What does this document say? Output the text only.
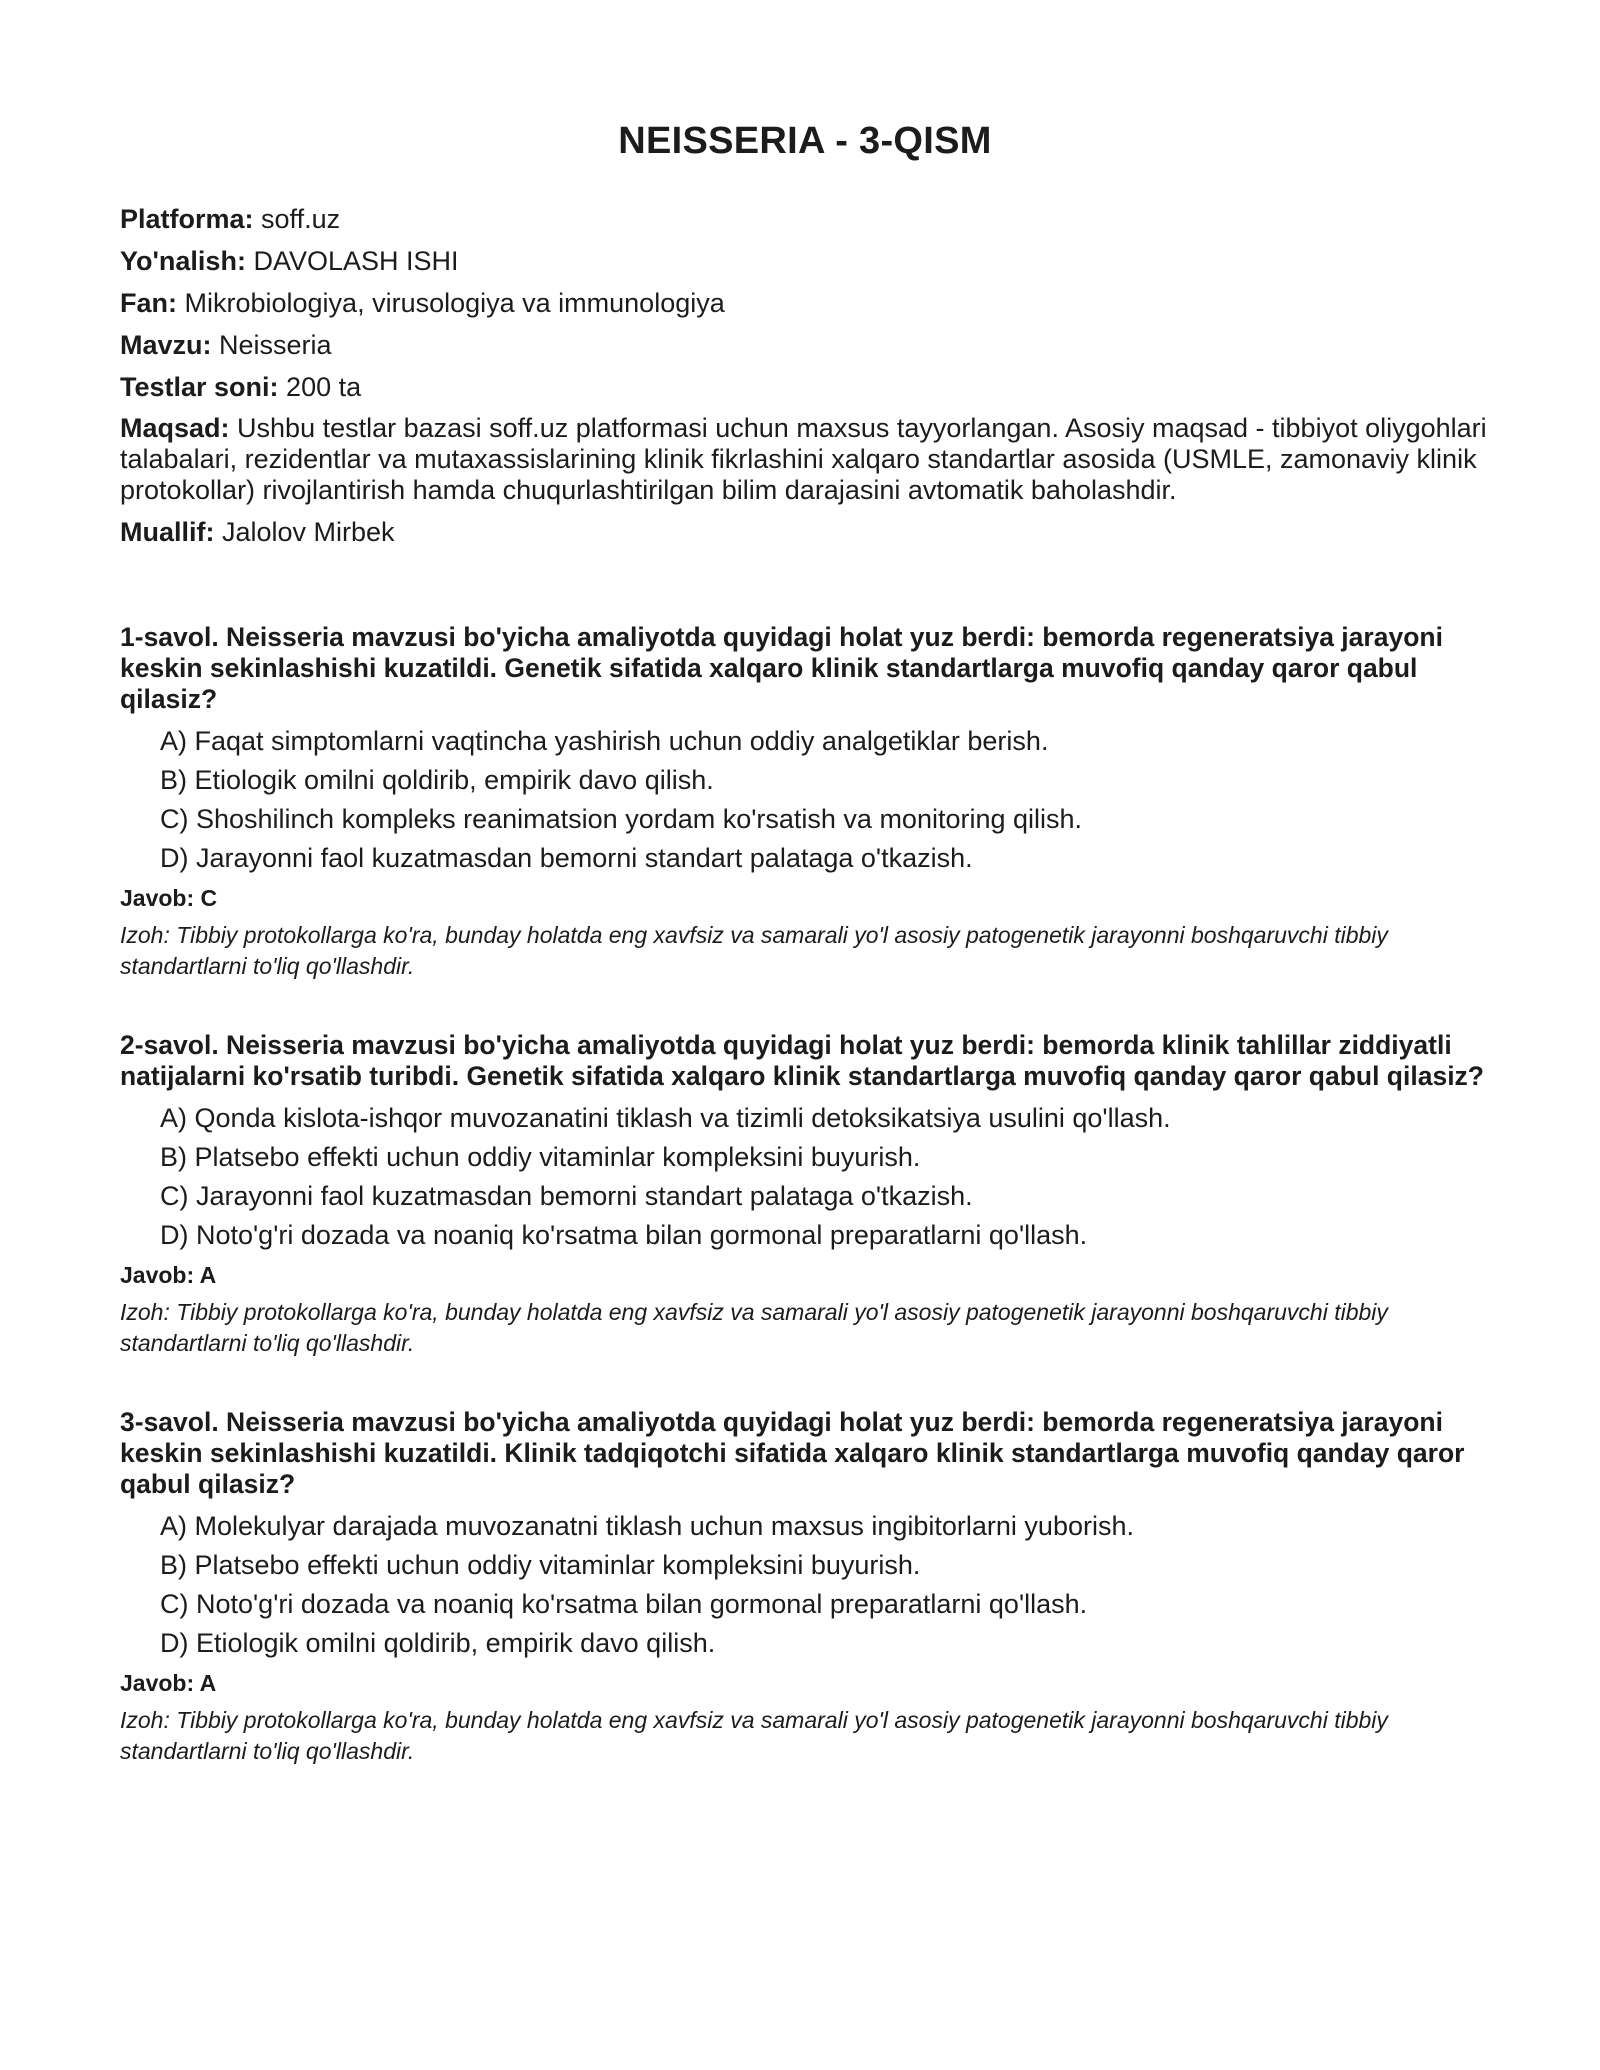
NEISSERIA - 3-QISM
Platforma: soff.uz
Yo'nalish: DAVOLASH ISHI
Fan: Mikrobiologiya, virusologiya va immunologiya
Mavzu: Neisseria
Testlar soni: 200 ta
Maqsad: Ushbu testlar bazasi soff.uz platformasi uchun maxsus tayyorlangan. Asosiy maqsad - tibbiyot oliygohlari talabalari, rezidentlar va mutaxassislarining klinik fikrlashini xalqaro standartlar asosida (USMLE, zamonaviy klinik protokollar) rivojlantirish hamda chuqurlashtirilgan bilim darajasini avtomatik baholashdir.
Muallif: Jalolov Mirbek
1-savol. Neisseria mavzusi bo'yicha amaliyotda quyidagi holat yuz berdi: bemorda regeneratsiya jarayoni keskin sekinlashishi kuzatildi. Genetik sifatida xalqaro klinik standartlarga muvofiq qanday qaror qabul qilasiz?
A) Faqat simptomlarni vaqtincha yashirish uchun oddiy analgetiklar berish.
B) Etiologik omilni qoldirib, empirik davo qilish.
C) Shoshilinch kompleks reanimatsion yordam ko'rsatish va monitoring qilish.
D) Jarayonni faol kuzatmasdan bemorni standart palataga o'tkazish.
Javob: C
Izoh: Tibbiy protokollarga ko'ra, bunday holatda eng xavfsiz va samarali yo'l asosiy patogenetik jarayonni boshqaruvchi tibbiy standartlarni to'liq qo'llashdir.
2-savol. Neisseria mavzusi bo'yicha amaliyotda quyidagi holat yuz berdi: bemorda klinik tahlillar ziddiyatli natijalarni ko'rsatib turibdi. Genetik sifatida xalqaro klinik standartlarga muvofiq qanday qaror qabul qilasiz?
A) Qonda kislota-ishqor muvozanatini tiklash va tizimli detoksikatsiya usulini qo'llash.
B) Platsebo effekti uchun oddiy vitaminlar kompleksini buyurish.
C) Jarayonni faol kuzatmasdan bemorni standart palataga o'tkazish.
D) Noto'g'ri dozada va noaniq ko'rsatma bilan gormonal preparatlarni qo'llash.
Javob: A
Izoh: Tibbiy protokollarga ko'ra, bunday holatda eng xavfsiz va samarali yo'l asosiy patogenetik jarayonni boshqaruvchi tibbiy standartlarni to'liq qo'llashdir.
3-savol. Neisseria mavzusi bo'yicha amaliyotda quyidagi holat yuz berdi: bemorda regeneratsiya jarayoni keskin sekinlashishi kuzatildi. Klinik tadqiqotchi sifatida xalqaro klinik standartlarga muvofiq qanday qaror qabul qilasiz?
A) Molekulyar darajada muvozanatni tiklash uchun maxsus ingibitorlarni yuborish.
B) Platsebo effekti uchun oddiy vitaminlar kompleksini buyurish.
C) Noto'g'ri dozada va noaniq ko'rsatma bilan gormonal preparatlarni qo'llash.
D) Etiologik omilni qoldirib, empirik davo qilish.
Javob: A
Izoh: Tibbiy protokollarga ko'ra, bunday holatda eng xavfsiz va samarali yo'l asosiy patogenetik jarayonni boshqaruvchi tibbiy standartlarni to'liq qo'llashdir.
